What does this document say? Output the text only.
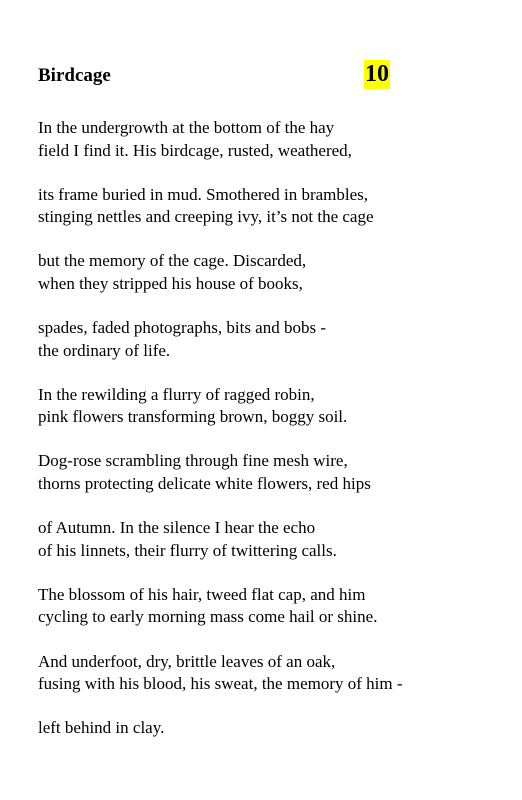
Birdcage	10
In the undergrowth at the bottom of the hay
field I find it. His birdcage, rusted, weathered,
its frame buried in mud. Smothered in brambles,
stinging nettles and creeping ivy, it’s not the cage
but the memory of the cage. Discarded,
when they stripped his house of books,
spades, faded photographs, bits and bobs -
the ordinary of life.
In the rewilding a flurry of ragged robin,
pink flowers transforming brown, boggy soil.
Dog-rose scrambling through fine mesh wire,
thorns protecting delicate white flowers, red hips
of Autumn. In the silence I hear the echo
of his linnets, their flurry of twittering calls.
The blossom of his hair, tweed flat cap, and him
cycling to early morning mass come hail or shine.
And underfoot, dry, brittle leaves of an oak,
fusing with his blood, his sweat, the memory of him -
left behind in clay.
